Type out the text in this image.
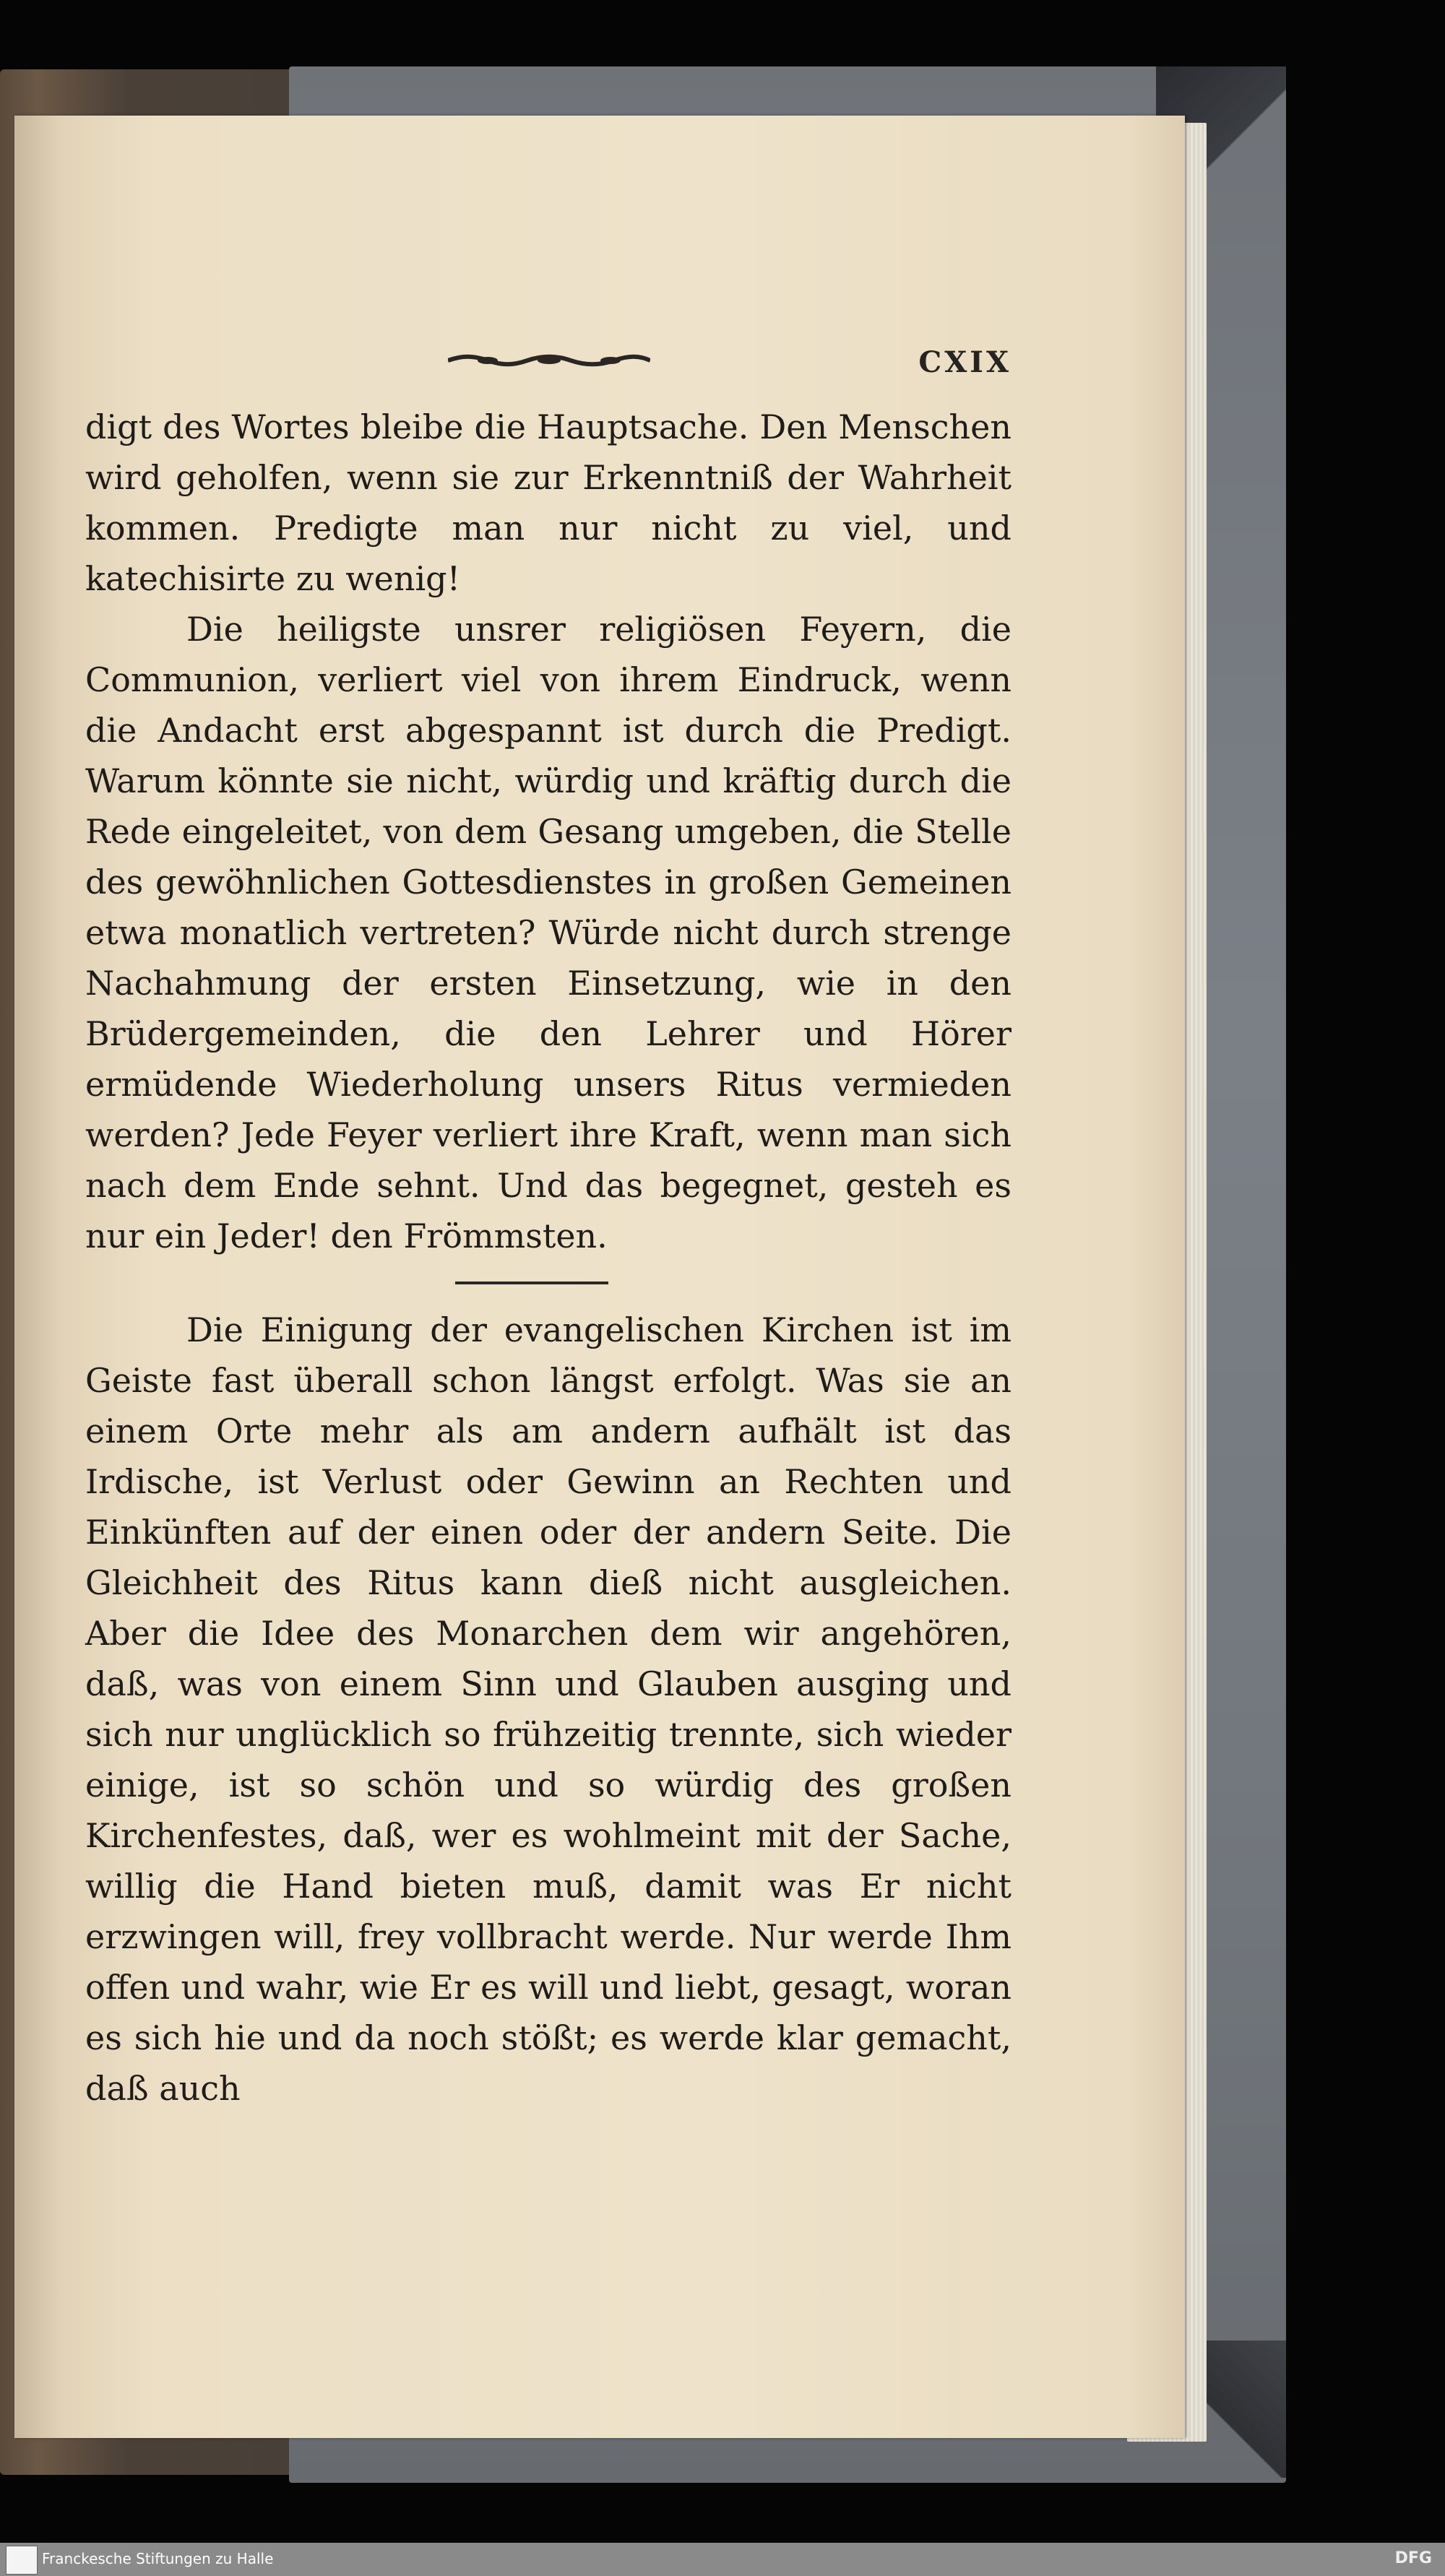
CXIX

digt des Wortes bleibe die Hauptsache. Den Menschen wird geholfen, wenn sie zur Erkenntniß der Wahrheit kommen. Predigte man nur nicht zu viel, und katechisirte zu wenig!

Die heiligste unsrer religiösen Feyern, die Communion, verliert viel von ihrem Eindruck, wenn die Andacht erst abgespannt ist durch die Predigt. Warum könnte sie nicht, würdig und kräftig durch die Rede eingeleitet, von dem Gesang umgeben, die Stelle des gewöhnlichen Gottesdienstes in großen Gemeinen etwa monatlich vertreten? Würde nicht durch strenge Nachahmung der ersten Einsetzung, wie in den Brüdergemeinden, die den Lehrer und Hörer ermüdende Wiederholung unsers Ritus vermieden werden? Jede Feyer verliert ihre Kraft, wenn man sich nach dem Ende sehnt. Und das begegnet, gesteh es nur ein Jeder! den Frömmsten.

Die Einigung der evangelischen Kirchen ist im Geiste fast überall schon längst erfolgt. Was sie an einem Orte mehr als am andern aufhält ist das Irdische, ist Verlust oder Gewinn an Rechten und Einkünften auf der einen oder der andern Seite. Die Gleichheit des Ritus kann dieß nicht ausgleichen. Aber die Idee des Monarchen dem wir angehören, daß, was von einem Sinn und Glauben ausging und sich nur unglücklich so frühzeitig trennte, sich wieder einige, ist so schön und so würdig des großen Kirchenfestes, daß, wer es wohlmeint mit der Sache, willig die Hand bieten muß, damit was Er nicht erzwingen will, frey vollbracht werde. Nur werde Ihm offen und wahr, wie Er es will und liebt, gesagt, woran es sich hie und da noch stößt; es werde klar gemacht, daß auch

Franckesche Stiftungen zu Halle	DFG
